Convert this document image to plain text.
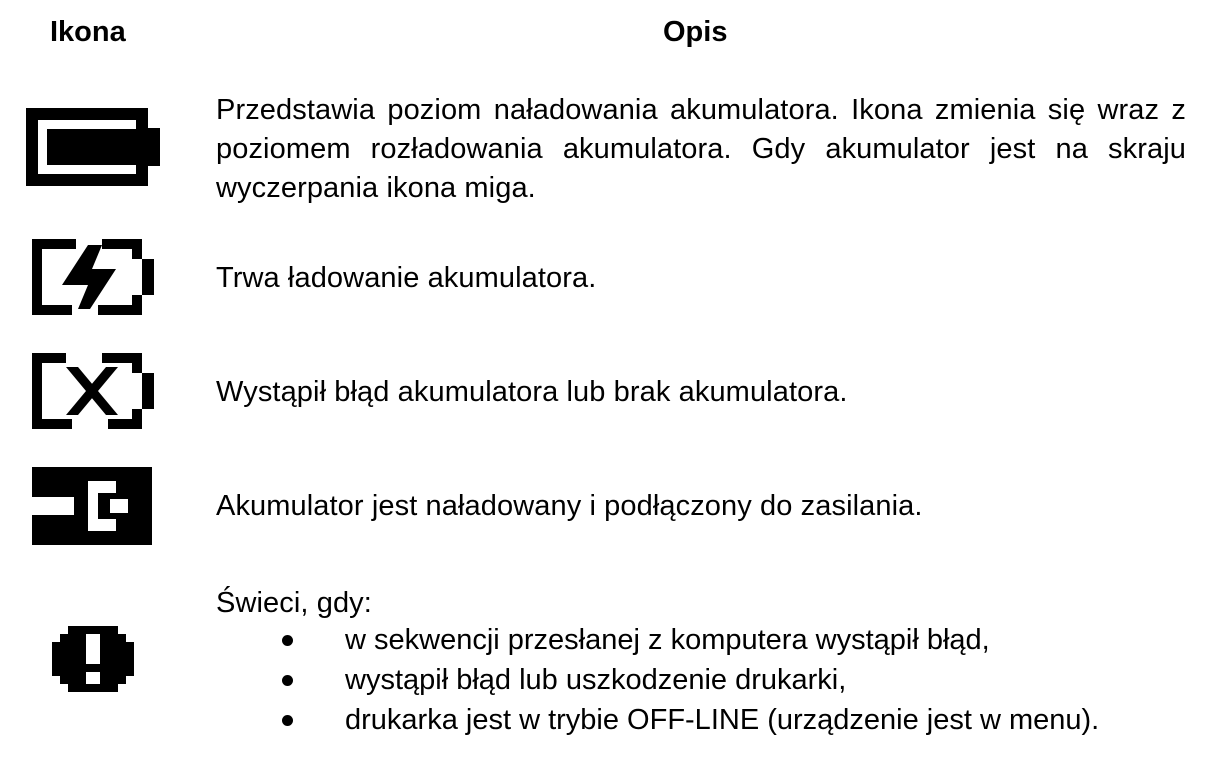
Ikona	Opis
Przedstawia poziom naładowania akumulatora. Ikona zmienia się wraz z poziomem rozładowania akumulatora. Gdy akumulator jest na skraju wyczerpania ikona miga.
Trwa ładowanie akumulatora.
Wystąpił błąd akumulatora lub brak akumulatora.
Akumulator jest naładowany i podłączony do zasilania.
Świeci, gdy:
w sekwencji przesłanej z komputera wystąpił błąd,
wystąpił błąd lub uszkodzenie drukarki,
drukarka jest w trybie OFF-LINE (urządzenie jest w menu).
